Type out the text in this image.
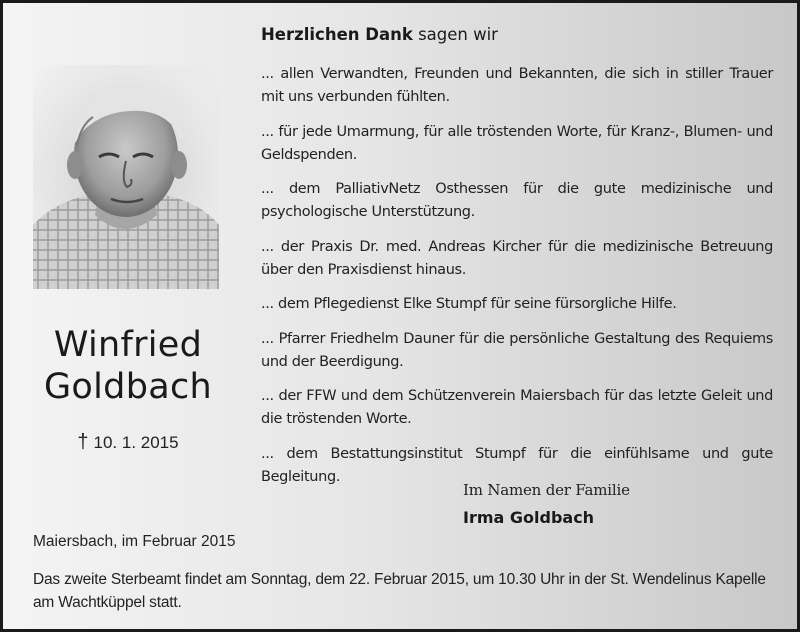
Winfried
Goldbach
† 10. 1. 2015
Herzlichen Dank sagen wir
... allen Verwandten, Freunden und Bekannten, die sich in stiller Trauer mit uns verbunden fühlten.
... für jede Umarmung, für alle tröstenden Worte, für Kranz-, Blumen- und Geldspenden.
... dem PalliativNetz Osthessen für die gute medizinische und psychologische Unterstützung.
... der Praxis Dr. med. Andreas Kircher für die medizinische Betreuung über den Praxisdienst hinaus.
... dem Pflegedienst Elke Stumpf für seine fürsorgliche Hilfe.
... Pfarrer Friedhelm Dauner für die persönliche Gestaltung des Requiems und der Beerdigung.
... der FFW und dem Schützenverein Maiersbach für das letzte Geleit und die tröstenden Worte.
... dem Bestattungsinstitut Stumpf für die einfühlsame und gute Begleitung.
Im Namen der Familie
Irma Goldbach
Maiersbach, im Februar 2015
Das zweite Sterbeamt findet am Sonntag, dem 22. Februar 2015, um 10.30 Uhr in der St. Wendelinus Kapelle am Wachtküppel statt.
